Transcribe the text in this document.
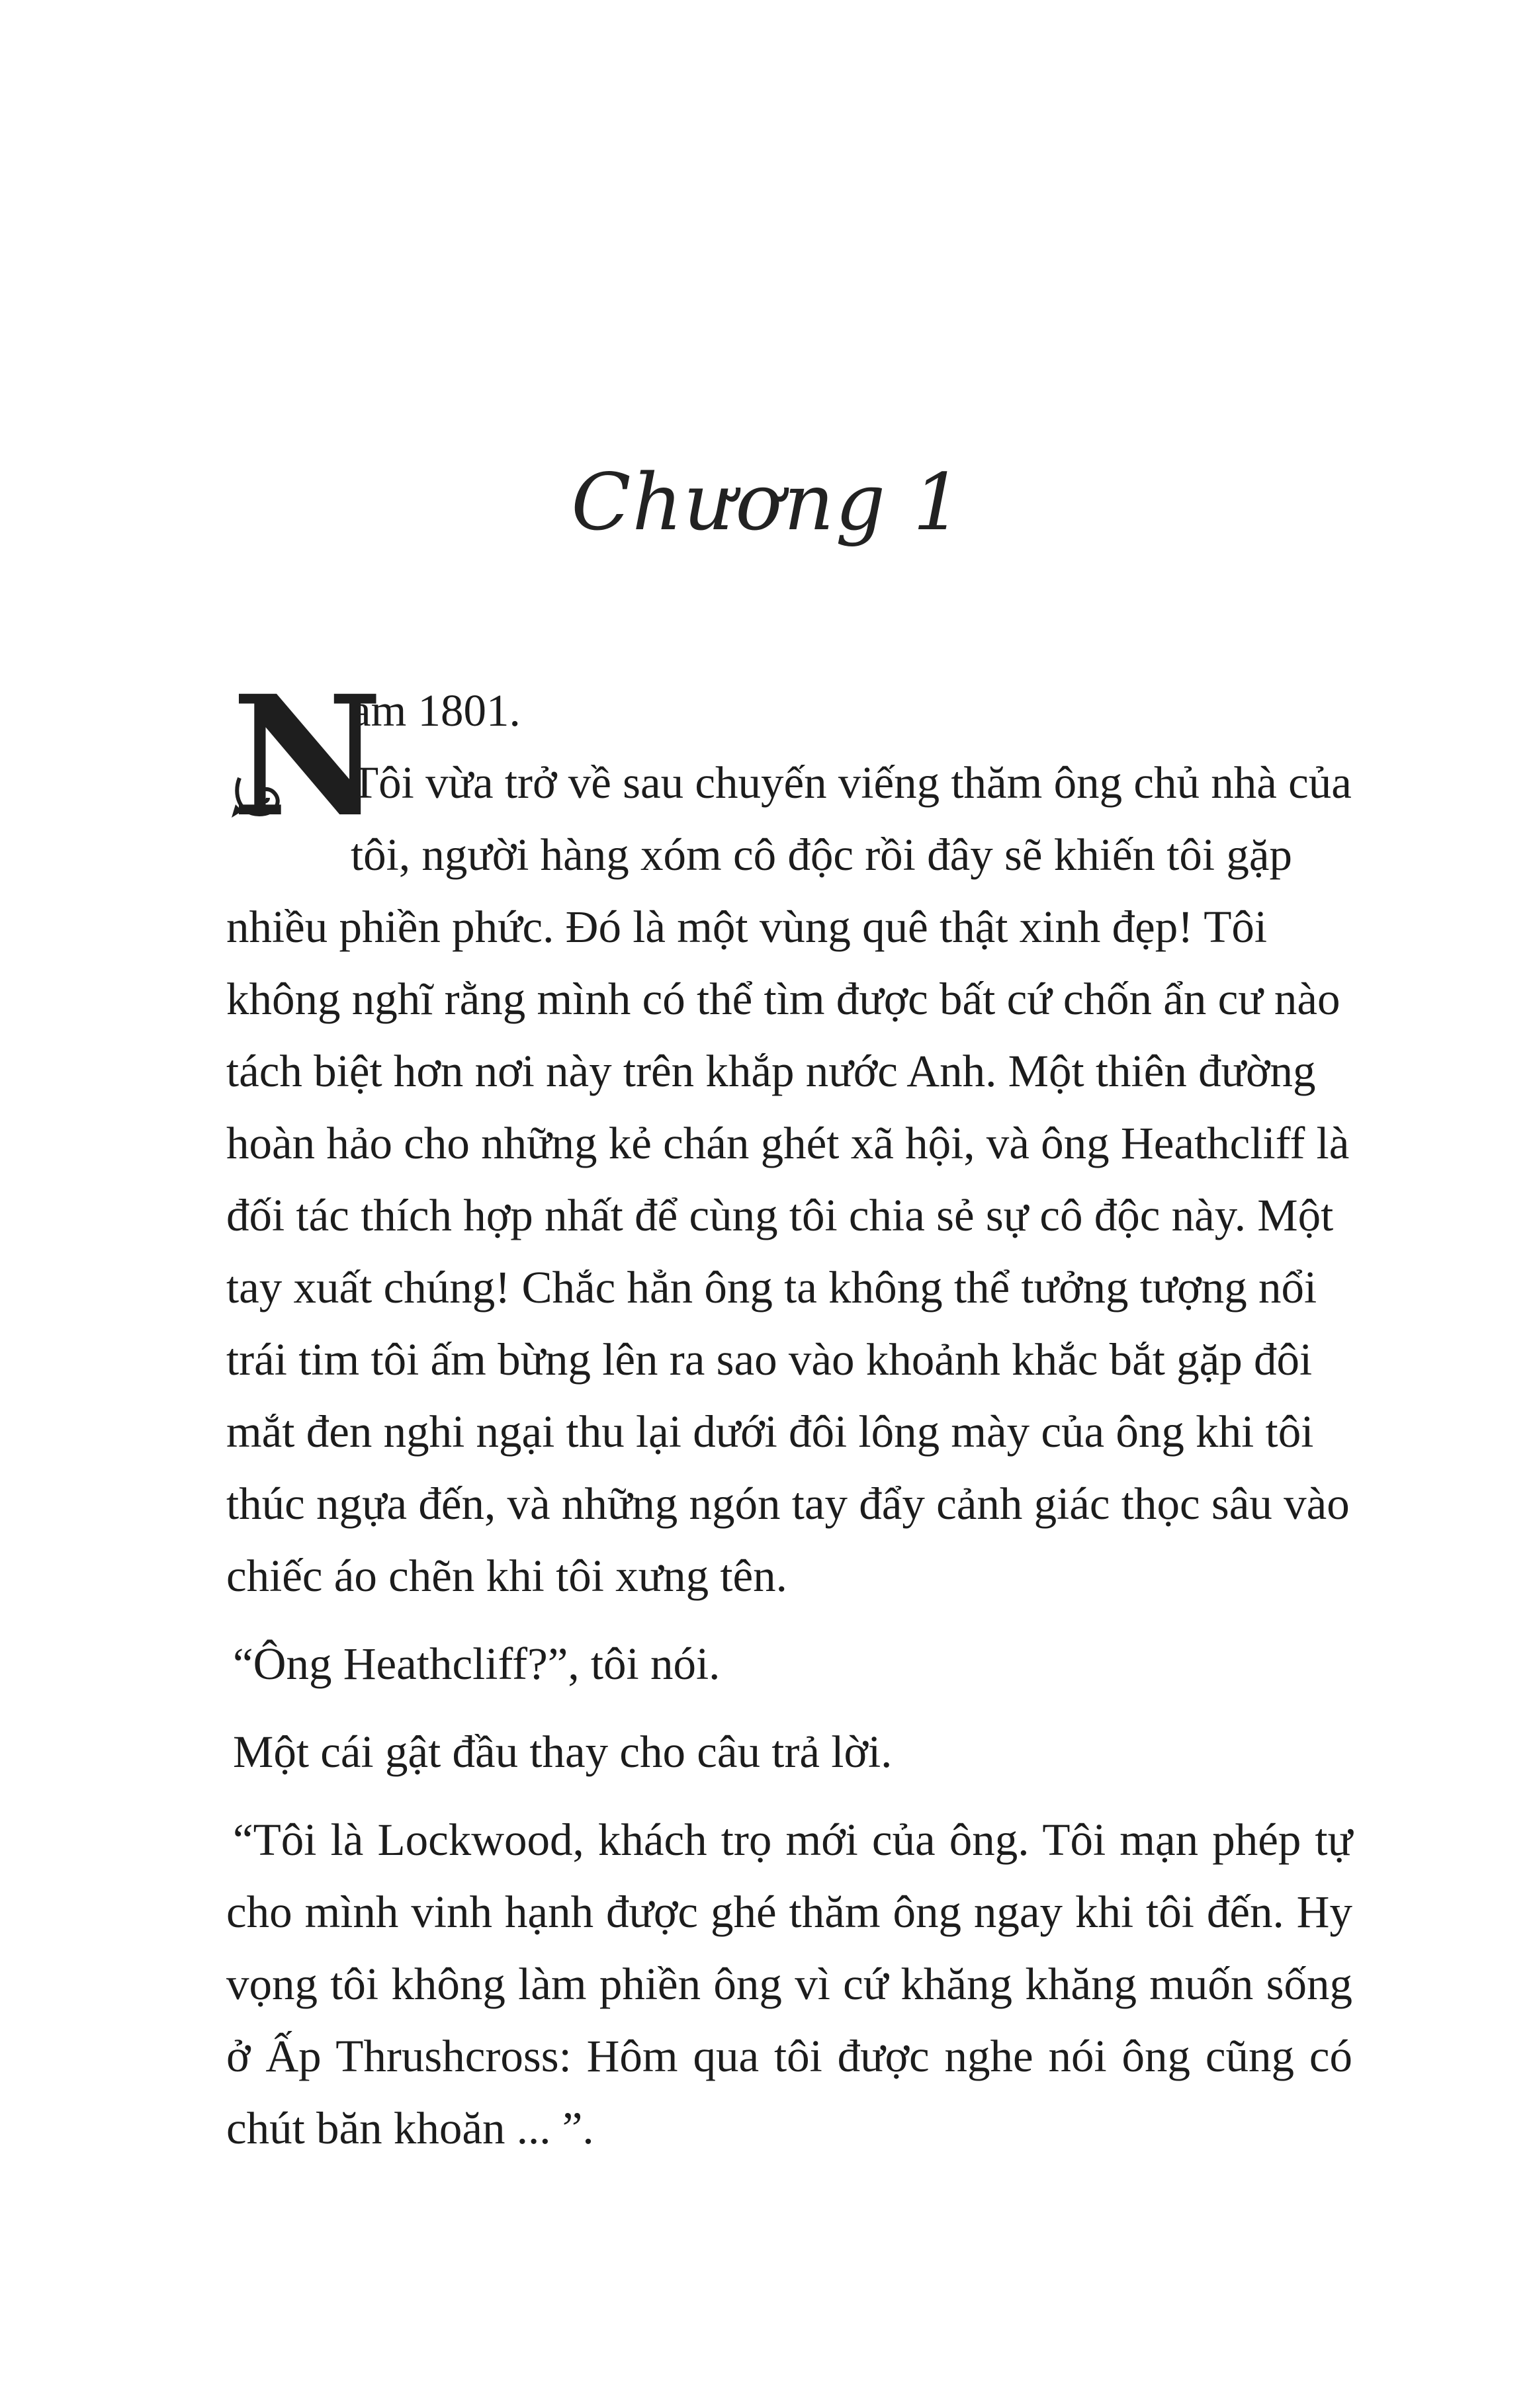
Chương 1
N
ăm 1801.
Tôi vừa trở về sau chuyến viếng thăm ông chủ nhà của tôi, người hàng xóm cô độc rồi đây sẽ khiến tôi gặp nhiều phiền phức. Đó là một vùng quê thật xinh đẹp! Tôi không nghĩ rằng mình có thể tìm được bất cứ chốn ẩn cư nào tách biệt hơn nơi này trên khắp nước Anh. Một thiên đường hoàn hảo cho những kẻ chán ghét xã hội, và ông Heathcliff là đối tác thích hợp nhất để cùng tôi chia sẻ sự cô độc này. Một tay xuất chúng! Chắc hẳn ông ta không thể tưởng tượng nổi trái tim tôi ấm bừng lên ra sao vào khoảnh khắc bắt gặp đôi mắt đen nghi ngại thu lại dưới đôi lông mày của ông khi tôi thúc ngựa đến, và những ngón tay đẩy cảnh giác thọc sâu vào chiếc áo chẽn khi tôi xưng tên.

“Ông Heathcliff?”, tôi nói.

Một cái gật đầu thay cho câu trả lời.

“Tôi là Lockwood, khách trọ mới của ông. Tôi mạn phép tự cho mình vinh hạnh được ghé thăm ông ngay khi tôi đến. Hy vọng tôi không làm phiền ông vì cứ khăng khăng muốn sống ở Ấp Thrushcross: Hôm qua tôi được nghe nói ông cũng có chút băn khoăn ... ”.
